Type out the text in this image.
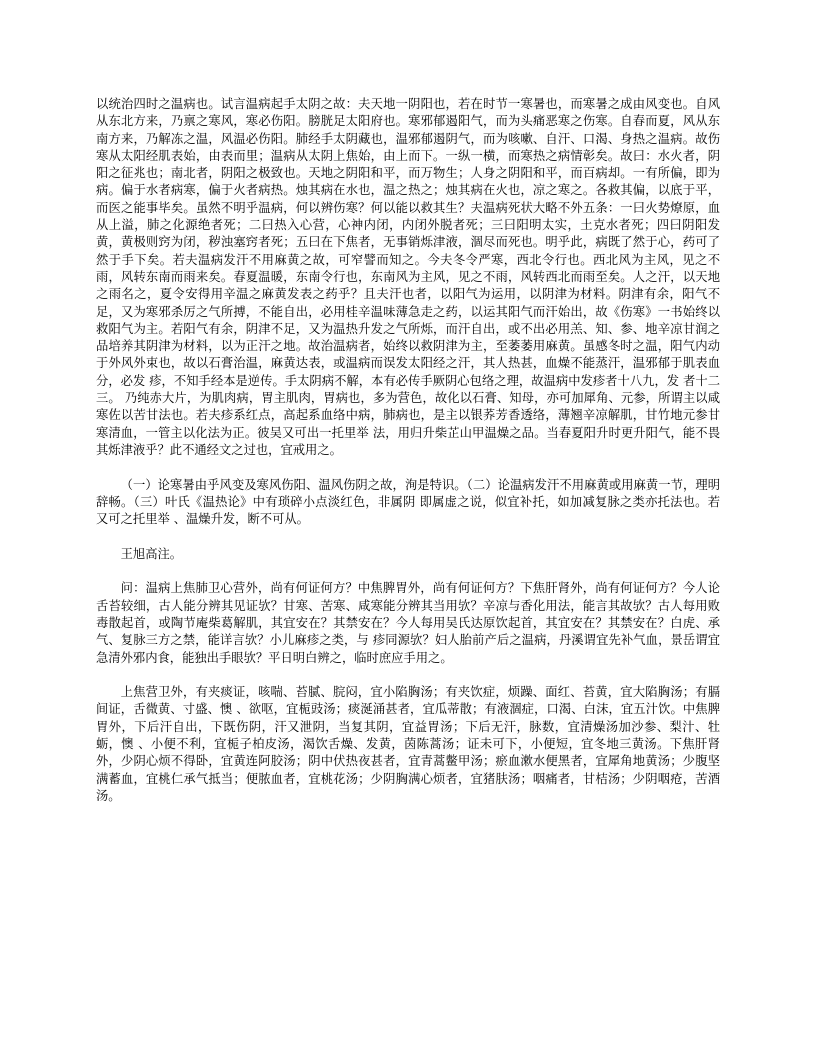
以统治四时之温病也。试言温病起手太阴之故：夫天地一阴阳也，若在时节一寒暑也，而寒暑之成由风变也。自风从东北方来，乃禀之寒风，寒必伤阳。膀胱足太阳府也。寒邪郁遏阳气，而为头痛恶寒之伤寒。自春而夏，风从东南方来，乃解冻之温，风温必伤阳。肺经手太阴藏也，温邪郁遏阴气，而为咳嗽、自汗、口渴、身热之温病。故伤寒从太阳经肌表始，由表而里；温病从太阴上焦始，由上而下。一纵一横，而寒热之病情彰矣。故曰：水火者，阴阳之征兆也；南北者，阴阳之极致也。天地之阴阳和平，而万物生；人身之阴阳和平，而百病却。一有所偏，即为病。偏于水者病寒，偏于火者病热。烛其病在水也，温之热之；烛其病在火也，凉之寒之。各救其偏，以底于平，而医之能事毕矣。虽然不明乎温病，何以辨伤寒？何以能以救其生？夫温病死状大略不外五条：一曰火势燎原，血从上溢，肺之化源绝者死；二曰热入心营，心神内闭，内闭外脱者死；三曰阳明太实，土克水者死；四曰阴阳发黄，黄极则窍为闭，秽浊塞窍者死；五曰在下焦者，无事销烁津液，涸尽而死也。明乎此，病既了然于心，药可了然于手下矣。若夫温病发汗不用麻黄之故，可窄譬而知之。今夫冬令严寒，西北令行也。西北风为主风，见之不雨，风转东南而雨来矣。春夏温暖，东南令行也，东南风为主风，见之不雨，风转西北而雨至矣。人之汗，以天地之雨名之，夏令安得用辛温之麻黄发表之药乎？且夫汗也者，以阳气为运用，以阴津为材料。阴津有余，阳气不足，又为寒邪杀厉之气所搏，不能自出，必用桂辛温味薄急走之药，以运其阳气而汗始出，故《伤寒》一书始终以救阳气为主。若阳气有余，阴津不足，又为温热升发之气所烁，而汗自出，或不出必用羔、知、参、地辛凉甘润之品培养其阴津为材料，以为正汗之地。故治温病者，始终以救阴津为主，至萎萎用麻黄。虽感冬时之温，阳气内动于外风外束也，故以石膏治温，麻黄达表，或温病而误发太阳经之汗，其人热甚，血燥不能蒸汗，温邪郁于肌表血分，必发 疹，不知手经本是逆传。手太阴病不解，本有必传手厥阴心包络之理，故温病中发疹者十八九，发 者十二三。 乃纯赤大片，为肌肉病，胃主肌肉，胃病也，多为营色，故化以石膏、知母，亦可加犀角、元参，所谓主以咸寒佐以苦甘法也。若夫疹系红点，高起系血络中病，肺病也，是主以银荞芳香透络，薄翘辛凉解肌，甘竹地元参甘寒清血，一管主以化法为正。彼吴又可出一托里举 法，用归升柴芷山甲温燥之品。当春夏阳升时更升阳气，能不畏其烁津液乎？此不通经文之过也，宜戒用之。

（一）论寒暑由乎风变及寒风伤阳、温风伤阴之故，洵是特识。（二）论温病发汗不用麻黄或用麻黄一节，理明辞畅。（三）叶氏《温热论》中有琐碎小点淡红色，非属阴 即属虚之说，似宜补托，如加减复脉之类亦托法也。若又可之托里举 、温燥升发，断不可从。

王旭高注。

问：温病上焦肺卫心营外，尚有何证何方？中焦脾胃外，尚有何证何方？下焦肝肾外，尚有何证何方？今人论舌苔较细，古人能分辨其见证欤？甘寒、苦寒、咸寒能分辨其当用欤？辛凉与香化用法，能言其故欤？古人每用败毒散起首，或陶节庵柴葛解肌，其宜安在？其禁安在？今人每用吴氏达原饮起首，其宜安在？其禁安在？白虎、承气、复脉三方之禁，能详言欤？小儿麻疹之类，与 疹同源欤？妇人胎前产后之温病，丹溪谓宜先补气血，景岳谓宜急清外邪内食，能独出手眼欤？平日明白辨之，临时庶应手用之。

上焦营卫外，有夹痰证，咳喘、苔腻、脘闷，宜小陷胸汤；有夹饮症，烦躁、面红、苔黄，宜大陷胸汤；有膈间证，舌微黄、寸盛、懊 、欲呕，宜栀豉汤；痰涎涌甚者，宜瓜蒂散；有液涸症，口渴、白沫，宜五汁饮。中焦脾胃外，下后汗自出，下既伤阴，汗又泄阴，当复其阴，宜益胃汤；下后无汗，脉数，宜清燥汤加沙参、梨汁、牡蛎，懊 、小便不利，宜栀子柏皮汤，渴饮舌燥、发黄，茵陈蒿汤；证未可下，小便短，宜冬地三黄汤。下焦肝肾外，少阴心烦不得卧，宜黄连阿胶汤；阴中伏热夜甚者，宜青蒿鳖甲汤；瘀血漱水便黑者，宜犀角地黄汤；少腹坚满蓄血，宜桃仁承气抵当；便脓血者，宜桃花汤；少阴胸满心烦者，宜猪肤汤；咽痛者，甘桔汤；少阴咽疮，苦酒汤。
